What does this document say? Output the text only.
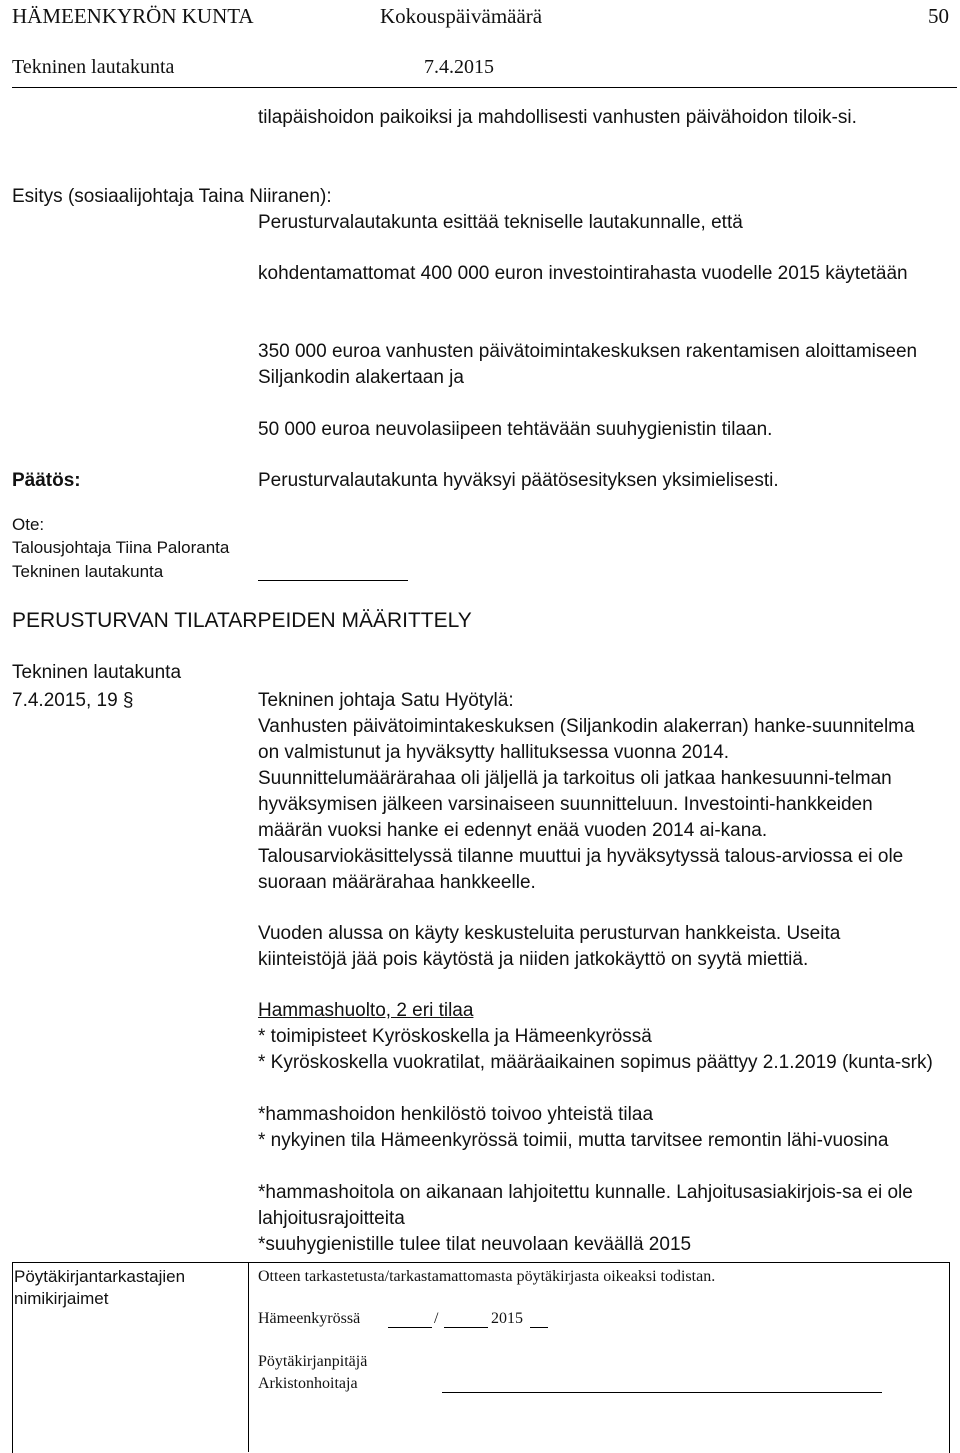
HÄMEENKYRÖN KUNTA	Kokouspäivämäärä	50
Tekninen lautakunta	7.4.2015
tilapäishoidon paikoiksi ja mahdollisesti vanhusten päivähoidon tiloik-si.
Esitys (sosiaalijohtaja Taina Niiranen):
Perusturvalautakunta esittää tekniselle lautakunnalle, että
kohdentamattomat 400 000 euron investointirahasta vuodelle 2015 käytetään
350 000 euroa vanhusten päivätoimintakeskuksen rakentamisen aloittamiseen Siljankodin alakertaan ja
50 000 euroa neuvolasiipeen tehtävään suuhygienistin tilaan.
Päätös:	Perusturvalautakunta hyväksyi päätösesityksen yksimielisesti.
Ote:
Talousjohtaja Tiina Paloranta
Tekninen lautakunta
PERUSTURVAN TILATARPEIDEN MÄÄRITTELY
Tekninen lautakunta
7.4.2015, 19 §	Tekninen johtaja Satu Hyötylä:
Vanhusten päivätoimintakeskuksen (Siljankodin alakerran) hanke-suunnitelma on valmistunut ja hyväksytty hallituksessa vuonna 2014. Suunnittelumäärärahaa oli jäljellä ja tarkoitus oli jatkaa hankesuunni-telman hyväksymisen jälkeen varsinaiseen suunnitteluun. Investointi-hankkeiden määrän vuoksi hanke ei edennyt enää vuoden 2014 ai-kana. Talousarviokäsittelyssä tilanne muuttui ja hyväksytyssä talous-arviossa ei ole suoraan määrärahaa hankkeelle.
Vuoden alussa on käyty keskusteluita perusturvan hankkeista. Useita kiinteistöjä jää pois käytöstä ja niiden jatkokäyttö on syytä miettiä.
Hammashuolto, 2 eri tilaa
* toimipisteet Kyröskoskella ja Hämeenkyrössä
* Kyröskoskella vuokratilat, määräaikainen sopimus päättyy 2.1.2019 (kunta-srk)
*hammashoidon henkilöstö toivoo yhteistä tilaa
* nykyinen tila Hämeenkyrössä toimii, mutta tarvitsee remontin lähi-vuosina
*hammashoitola on aikanaan lahjoitettu kunnalle. Lahjoitusasiakirjois-sa ei ole lahjoitusrajoitteita
*suuhygienistille tulee tilat neuvolaan keväällä 2015
Pöytäkirjantarkastajien nimikirjaimet
Otteen tarkastetusta/tarkastamattomasta pöytäkirjasta oikeaksi todistan.
Hämeenkyrössä	/	2015
Pöytäkirjanpitäjä
Arkistonhoitaja
